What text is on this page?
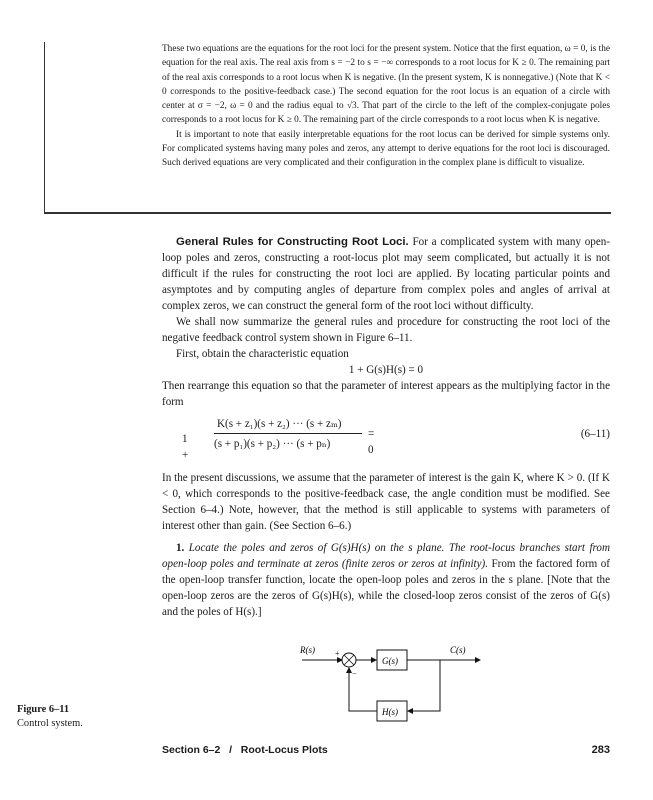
These two equations are the equations for the root loci for the present system. Notice that the first equation, ω = 0, is the equation for the real axis. The real axis from s = −2 to s = −∞ corresponds to a root locus for K ≥ 0. The remaining part of the real axis corresponds to a root locus when K is negative. (In the present system, K is nonnegative.) (Note that K < 0 corresponds to the positive-feedback case.) The second equation for the root locus is an equation of a circle with center at σ = −2, ω = 0 and the radius equal to √3. That part of the circle to the left of the complex-conjugate poles corresponds to a root locus for K ≥ 0. The remaining part of the circle corresponds to a root locus when K is negative.

It is important to note that easily interpretable equations for the root locus can be derived for simple systems only. For complicated systems having many poles and zeros, any attempt to derive equations for the root loci is discouraged. Such derived equations are very complicated and their configuration in the complex plane is difficult to visualize.

General Rules for Constructing Root Loci. For a complicated system with many open-loop poles and zeros, constructing a root-locus plot may seem complicated, but actually it is not difficult if the rules for constructing the root loci are applied. By locating particular points and asymptotes and by computing angles of departure from complex poles and angles of arrival at complex zeros, we can construct the general form of the root loci without difficulty.

We shall now summarize the general rules and procedure for constructing the root loci of the negative feedback control system shown in Figure 6–11.

First, obtain the characteristic equation

1 + G(s)H(s) = 0

Then rearrange this equation so that the parameter of interest appears as the multiplying factor in the form

1 +
K(s + z₁)(s + z₂) ··· (s + zₘ)
(s + p₁)(s + p₂) ··· (s + pₙ)
= 0
(6–11)

In the present discussions, we assume that the parameter of interest is the gain K, where K > 0. (If K < 0, which corresponds to the positive-feedback case, the angle condition must be modified. See Section 6–4.) Note, however, that the method is still applicable to systems with parameters of interest other than gain. (See Section 6–6.)

1. Locate the poles and zeros of G(s)H(s) on the s plane. The root-locus branches start from open-loop poles and terminate at zeros (finite zeros or zeros at infinity). From the factored form of the open-loop transfer function, locate the open-loop poles and zeros in the s plane. [Note that the open-loop zeros are the zeros of G(s)H(s), while the closed-loop zeros consist of the zeros of G(s) and the poles of H(s).]

R(s)	C(s)
+
−
G(s)
H(s)
Figure 6–11
Control system.
Section 6–2   /   Root-Locus Plots	283
